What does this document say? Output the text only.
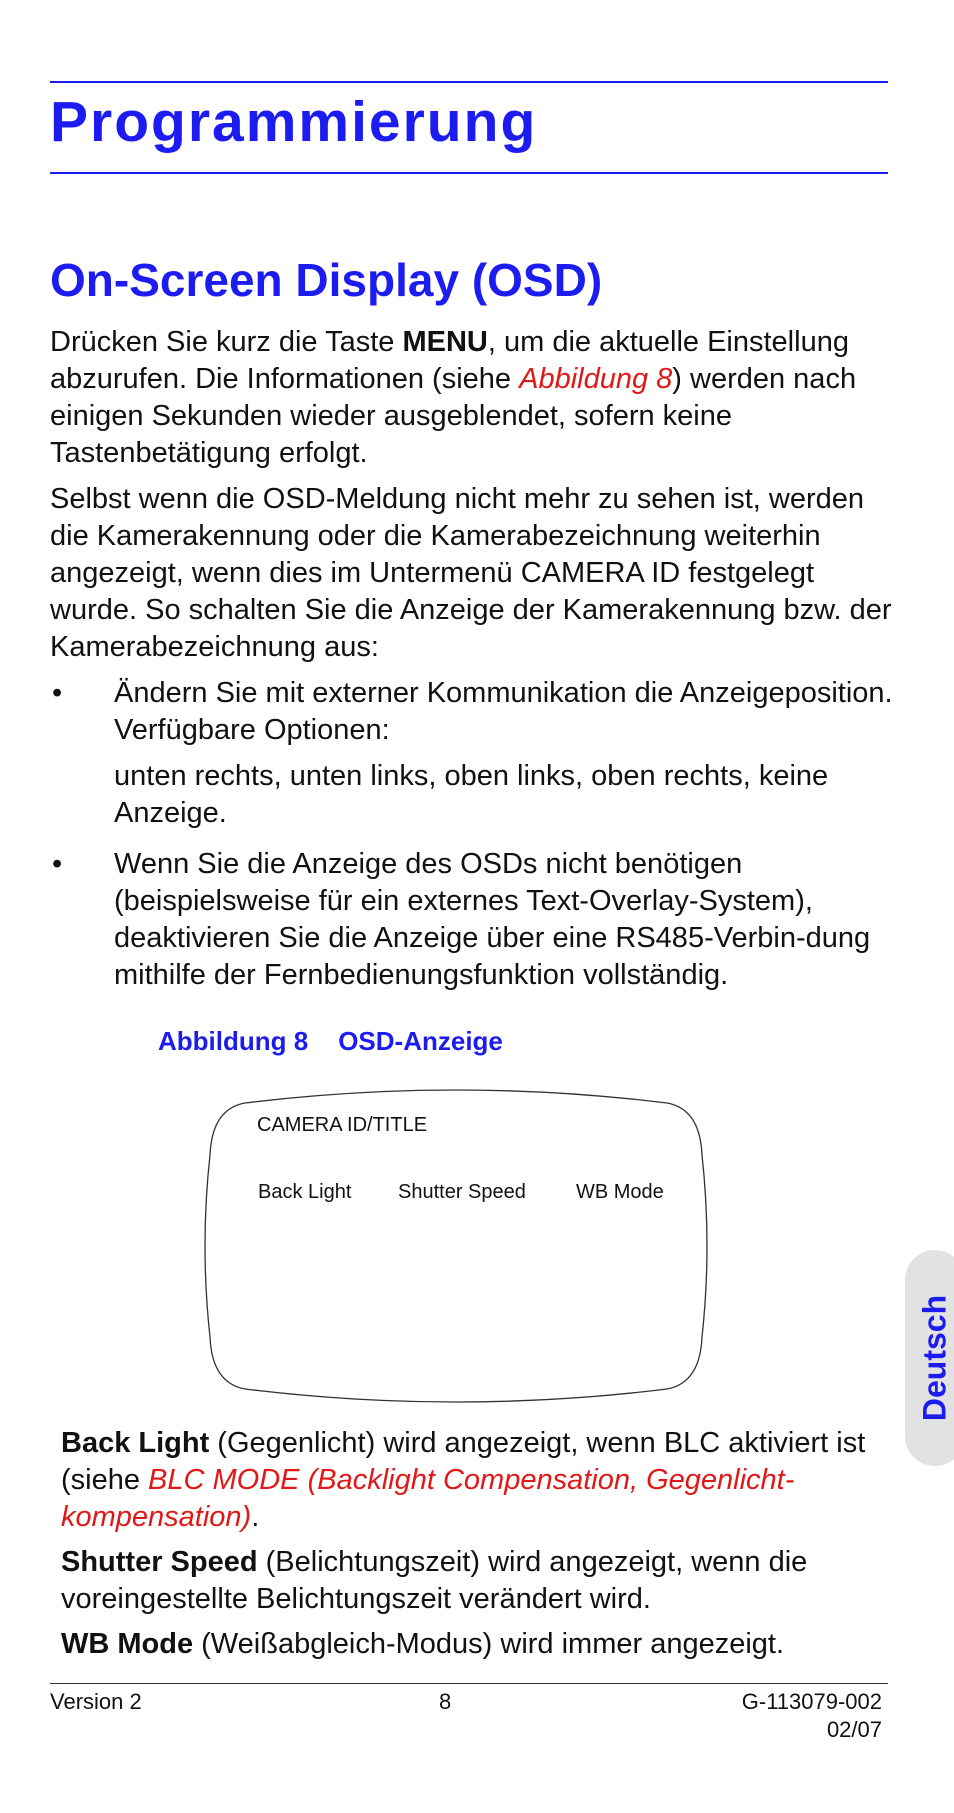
Programmierung
On-Screen Display (OSD)

Drücken Sie kurz die Taste MENU, um die aktuelle Einstellung abzurufen. Die Informationen (siehe Abbildung 8) werden nach einigen Sekunden wieder ausgeblendet, sofern keine Tastenbetätigung erfolgt.

Selbst wenn die OSD-Meldung nicht mehr zu sehen ist, werden die Kamerakennung oder die Kamerabezeichnung weiterhin angezeigt, wenn dies im Untermenü CAMERA ID festgelegt wurde. So schalten Sie die Anzeige der Kamerakennung bzw. der Kamerabezeichnung aus:

• Ändern Sie mit externer Kommunikation die Anzeigeposition. Verfügbare Optionen:

unten rechts, unten links, oben links, oben rechts, keine Anzeige.

• Wenn Sie die Anzeige des OSDs nicht benötigen (beispielsweise für ein externes Text-Overlay-System), deaktivieren Sie die Anzeige über eine RS485-Verbin-dung mithilfe der Fernbedienungsfunktion vollständig.

Abbildung 8 OSD-Anzeige

CAMERA ID/TITLE
Back Light Shutter Speed	WB Mode

Back Light (Gegenlicht) wird angezeigt, wenn BLC aktiviert ist (siehe BLC MODE (Backlight Compensation, Gegenlicht-kompensation).

Shutter Speed (Belichtungszeit) wird angezeigt, wenn die voreingestellte Belichtungszeit verändert wird.

WB Mode (Weißabgleich-Modus) wird immer angezeigt.

Deutsch
Version 2	8	G-113079-002
02/07
